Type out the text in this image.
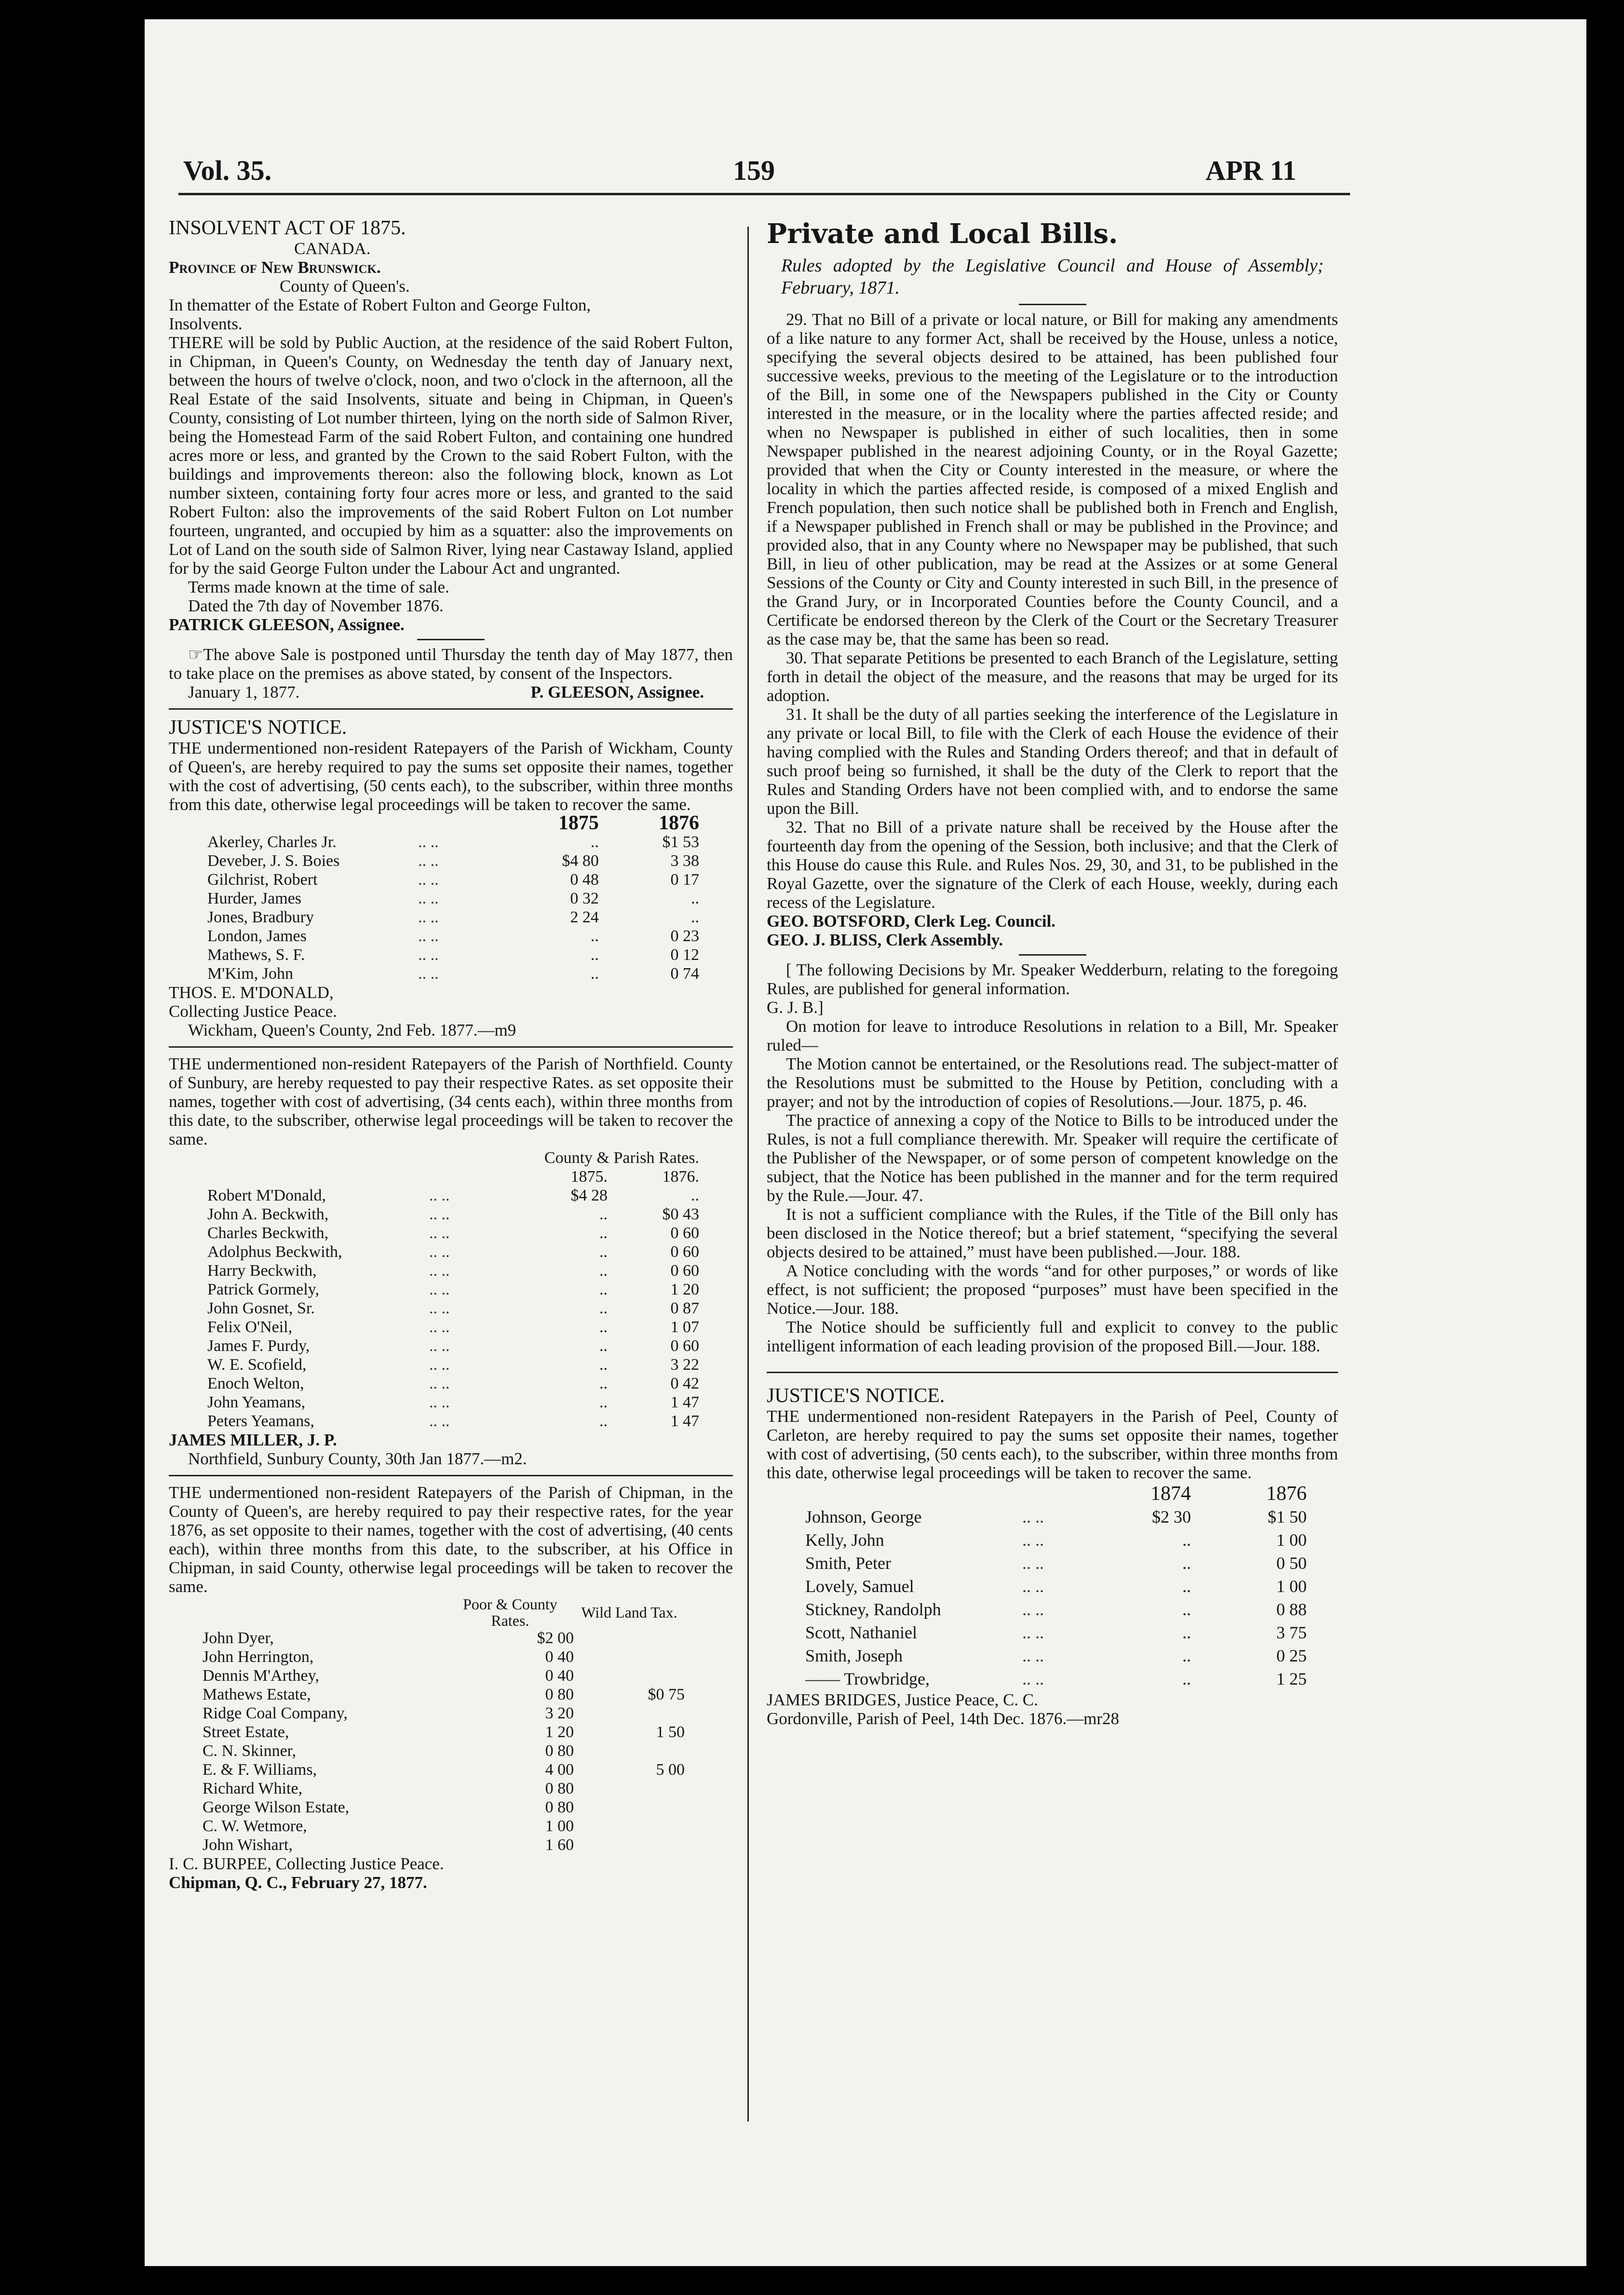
Vol. 35.	159	APR 11

INSOLVENT ACT OF 1875.

CANADA.

Province of New Brunswick.

County of Queen's.

In thematter of the Estate of Robert Fulton and George Fulton,

Insolvents.

THERE will be sold by Public Auction, at the residence of the said Robert Fulton, in Chipman, in Queen's County, on Wednesday the tenth day of January next, between the hours of twelve o'clock, noon, and two o'clock in the afternoon, all the Real Estate of the said Insolvents, situate and being in Chipman, in Queen's County, consisting of Lot number thirteen, lying on the north side of Salmon River, being the Homestead Farm of the said Robert Fulton, and containing one hundred acres more or less, and granted by the Crown to the said Robert Fulton, with the buildings and improvements thereon: also the following block, known as Lot number sixteen, containing forty four acres more or less, and granted to the said Robert Fulton: also the improvements of the said Robert Fulton on Lot number fourteen, ungranted, and occupied by him as a squatter: also the improvements on Lot of Land on the south side of Salmon River, lying near Castaway Island, applied for by the said George Fulton under the Labour Act and ungranted.

Terms made known at the time of sale.

Dated the 7th day of November 1876.

PATRICK GLEESON, Assignee.

☞The above Sale is postponed until Thursday the tenth day of May 1877, then to take place on the premises as above stated, by consent of the Inspectors.

January 1, 1877.	P. GLEESON, Assignee.

JUSTICE'S NOTICE.

THE undermentioned non-resident Ratepayers of the Parish of Wickham, County of Queen's, are hereby required to pay the sums set opposite their names, together with the cost of advertising, (50 cents each), to the subscriber, within three months from this date, otherwise legal proceedings will be taken to recover the same.

		1875	1876
Akerley, Charles Jr.	.. ..	..	$1 53
Deveber, J. S. Boies	.. ..	$4 80	3 38
Gilchrist, Robert	.. ..	0 48	0 17
Hurder, James	.. ..	0 32	..
Jones, Bradbury	.. ..	2 24	..
London, James	.. ..	..	0 23
Mathews, S. F.	.. ..	..	0 12
M'Kim, John	.. ..	..	0 74

THOS. E. M'DONALD,

Collecting Justice Peace.

Wickham, Queen's County, 2nd Feb. 1877.—m9

THE undermentioned non-resident Ratepayers of the Parish of Northfield. County of Sunbury, are hereby requested to pay their respective Rates. as set opposite their names, together with cost of advertising, (34 cents each), within three months from this date, to the subscriber, otherwise legal proceedings will be taken to recover the same.

		County & Parish Rates.	
		1875.	1876.
Robert M'Donald,	.. ..	$4 28	..
John A. Beckwith,	.. ..	..	$0 43
Charles Beckwith,	.. ..	..	0 60
Adolphus Beckwith,	.. ..	..	0 60
Harry Beckwith,	.. ..	..	0 60
Patrick Gormely,	.. ..	..	1 20
John Gosnet, Sr.	.. ..	..	0 87
Felix O'Neil,	.. ..	..	1 07
James F. Purdy,	.. ..	..	0 60
W. E. Scofield,	.. ..	..	3 22
Enoch Welton,	.. ..	..	0 42
John Yeamans,	.. ..	..	1 47
Peters Yeamans,	.. ..	..	1 47

JAMES MILLER, J. P.

Northfield, Sunbury County, 30th Jan 1877.—m2.

THE undermentioned non-resident Ratepayers of the Parish of Chipman, in the County of Queen's, are hereby required to pay their respective rates, for the year 1876, as set opposite to their names, together with the cost of advertising, (40 cents each), within three months from this date, to the subscriber, at his Office in Chipman, in said County, otherwise legal proceedings will be taken to recover the same.

	Poor & County Rates.	Wild Land Tax.
John Dyer,	$2 00	
John Herrington,	0 40	
Dennis M'Arthey,	0 40	
Mathews Estate,	0 80	$0 75
Ridge Coal Company,	3 20	
Street Estate,	1 20	1 50
C. N. Skinner,	0 80	
E. & F. Williams,	4 00	5 00
Richard White,	0 80	
George Wilson Estate,	0 80	
C. W. Wetmore,	1 00	
John Wishart,	1 60	

I. C. BURPEE, Collecting Justice Peace.

Chipman, Q. C., February 27, 1877.

Private and Local Bills.

Rules adopted by the Legislative Council and House of Assembly; February, 1871.

29. That no Bill of a private or local nature, or Bill for making any amendments of a like nature to any former Act, shall be received by the House, unless a notice, specifying the several objects desired to be attained, has been published four successive weeks, previous to the meeting of the Legislature or to the introduction of the Bill, in some one of the Newspapers published in the City or County interested in the measure, or in the locality where the parties affected reside; and when no Newspaper is published in either of such localities, then in some Newspaper published in the nearest adjoining County, or in the Royal Gazette; provided that when the City or County interested in the measure, or where the locality in which the parties affected reside, is composed of a mixed English and French population, then such notice shall be published both in French and English, if a Newspaper published in French shall or may be published in the Province; and provided also, that in any County where no Newspaper may be published, that such Bill, in lieu of other publication, may be read at the Assizes or at some General Sessions of the County or City and County interested in such Bill, in the presence of the Grand Jury, or in Incorporated Counties before the County Council, and a Certificate be endorsed thereon by the Clerk of the Court or the Secretary Treasurer as the case may be, that the same has been so read.

30. That separate Petitions be presented to each Branch of the Legislature, setting forth in detail the object of the measure, and the reasons that may be urged for its adoption.

31. It shall be the duty of all parties seeking the interference of the Legislature in any private or local Bill, to file with the Clerk of each House the evidence of their having complied with the Rules and Standing Orders thereof; and that in default of such proof being so furnished, it shall be the duty of the Clerk to report that the Rules and Standing Orders have not been complied with, and to endorse the same upon the Bill.

32. That no Bill of a private nature shall be received by the House after the fourteenth day from the opening of the Session, both inclusive; and that the Clerk of this House do cause this Rule. and Rules Nos. 29, 30, and 31, to be published in the Royal Gazette, over the signature of the Clerk of each House, weekly, during each recess of the Legislature.

GEO. BOTSFORD, Clerk Leg. Council.

GEO. J. BLISS, Clerk Assembly.

[ The following Decisions by Mr. Speaker Wedderburn, relating to the foregoing Rules, are published for general information.

G. J. B.]

On motion for leave to introduce Resolutions in relation to a Bill, Mr. Speaker ruled—

The Motion cannot be entertained, or the Resolutions read. The subject-matter of the Resolutions must be submitted to the House by Petition, concluding with a prayer; and not by the introduction of copies of Resolutions.—Jour. 1875, p. 46.

The practice of annexing a copy of the Notice to Bills to be introduced under the Rules, is not a full compliance therewith. Mr. Speaker will require the certificate of the Publisher of the Newspaper, or of some person of competent knowledge on the subject, that the Notice has been published in the manner and for the term required by the Rule.—Jour. 47.

It is not a sufficient compliance with the Rules, if the Title of the Bill only has been disclosed in the Notice thereof; but a brief statement, “specifying the several objects desired to be attained,” must have been published.—Jour. 188.

A Notice concluding with the words “and for other purposes,” or words of like effect, is not sufficient; the proposed “purposes” must have been specified in the Notice.—Jour. 188.

The Notice should be sufficiently full and explicit to convey to the public intelligent information of each leading provision of the proposed Bill.—Jour. 188.

JUSTICE'S NOTICE.

THE undermentioned non-resident Ratepayers in the Parish of Peel, County of Carleton, are hereby required to pay the sums set opposite their names, together with cost of advertising, (50 cents each), to the subscriber, within three months from this date, otherwise legal proceedings will be taken to recover the same.

		1874	1876
Johnson, George	.. ..	$2 30	$1 50
Kelly, John	.. ..	..	1 00
Smith, Peter	.. ..	..	0 50
Lovely, Samuel	.. ..	..	1 00
Stickney, Randolph	.. ..	..	0 88
Scott, Nathaniel	.. ..	..	3 75
Smith, Joseph	.. ..	..	0 25
—— Trowbridge,	.. ..	..	1 25

JAMES BRIDGES, Justice Peace, C. C.

Gordonville, Parish of Peel, 14th Dec. 1876.—mr28
